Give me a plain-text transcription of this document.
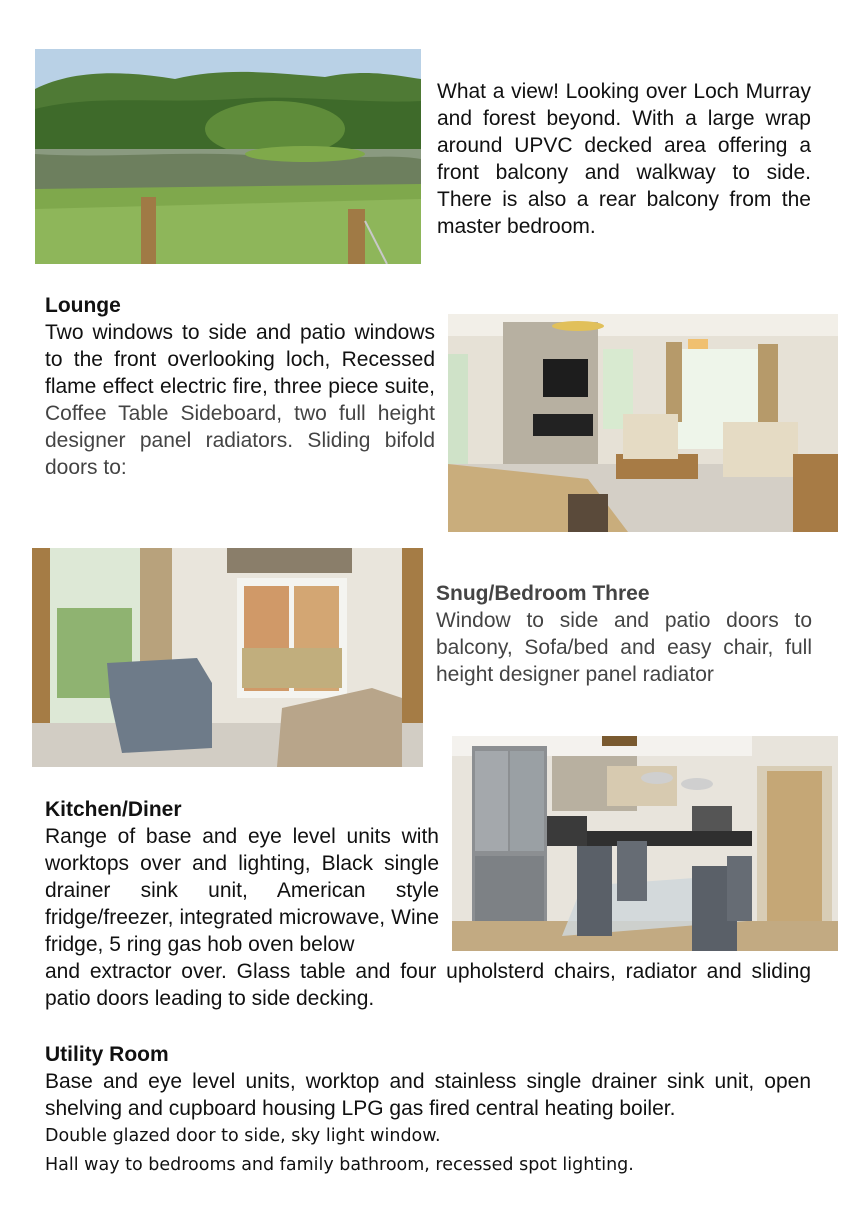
What a view! Looking over Loch Murray and forest beyond. With a large wrap around UPVC decked area offering a front balcony and walkway to side. There is also a rear balcony from the master bedroom.

Lounge
Two windows to side and patio windows to the front overlooking loch, Recessed flame effect electric fire, three piece suite, Coffee Table Sideboard, two full height designer panel radiators. Sliding bifold doors to:
Snug/Bedroom Three
Window to side and patio doors to balcony, Sofa/bed and easy chair, full height designer panel radiator
Kitchen/Diner
Range of base and eye level units with worktops over and lighting, Black single drainer sink unit, American style fridge/freezer, integrated microwave, Wine fridge, 5 ring gas hob oven below

and extractor over. Glass table and four upholsterd chairs, radiator and sliding patio doors leading to side decking.

Utility Room
Base and eye level units, worktop and stainless single drainer sink unit, open shelving and cupboard housing LPG gas fired central heating boiler.

Double glazed door to side, sky light window.

Hall way to bedrooms and family bathroom, recessed spot lighting.
